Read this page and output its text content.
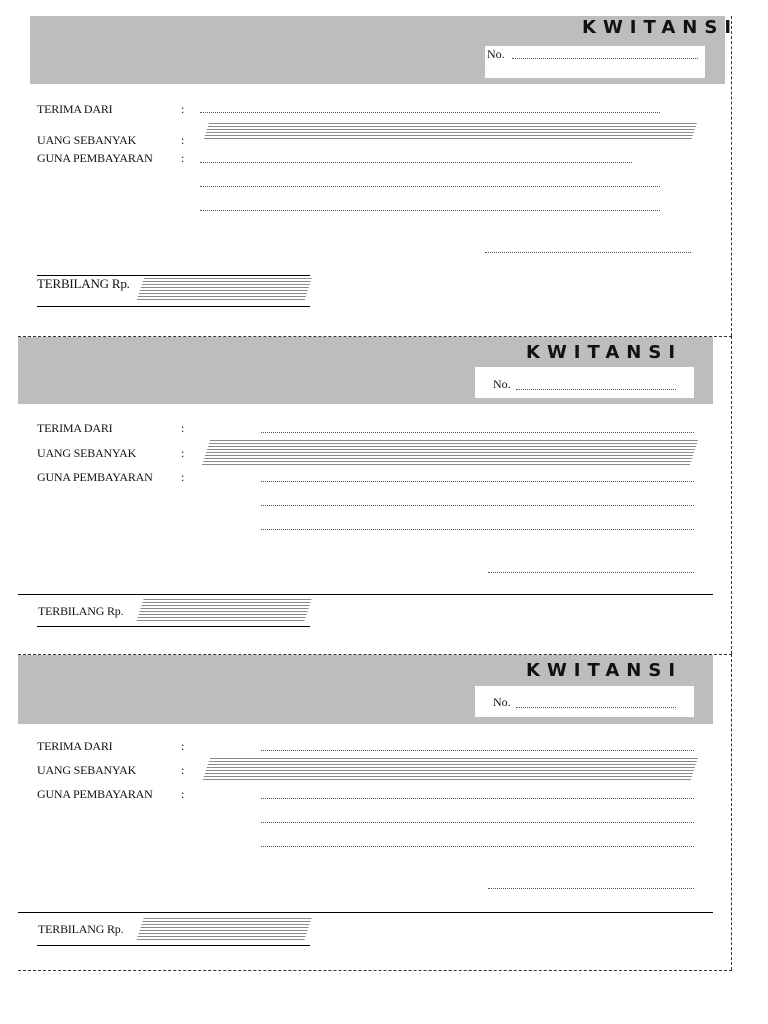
KWITANSI
No.
TERIMA DARI	:
UANG SEBANYAK	:
GUNA PEMBAYARAN :
TERBILANG Rp.
KWITANSI
No.
TERIMA DARI	:
UANG SEBANYAK	:
GUNA PEMBAYARAN :
TERBILANG Rp.
KWITANSI
No.
TERIMA DARI	:
UANG SEBANYAK	:
GUNA PEMBAYARAN :
TERBILANG Rp.
